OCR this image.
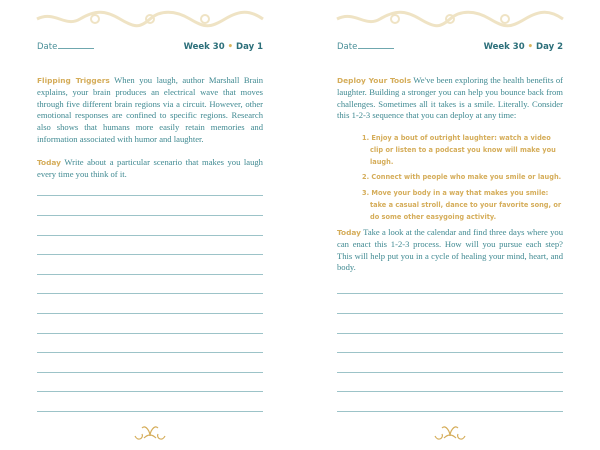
Date	Week 30 • Day 1

Flipping Triggers When you laugh, author Marshall Brain explains, your brain produces an electrical wave that moves through five different brain regions via a circuit. However, other emotional responses are confined to specific regions. Research also shows that humans more easily retain memories and information associated with humor and laughter.

Today Write about a particular scenario that makes you laugh every time you think of it.

Date	Week 30 • Day 2

Deploy Your Tools We've been exploring the health benefits of laughter. Building a stronger you can help you bounce back from challenges. Sometimes all it takes is a smile. Literally. Consider this 1-2-3 sequence that you can deploy at any time:

1. Enjoy a bout of outright laughter: watch a video clip or listen to a podcast you know will make you laugh.
2. Connect with people who make you smile or laugh.
3. Move your body in a way that makes you smile: take a casual stroll, dance to your favorite song, or do some other easygoing activity.

Today Take a look at the calendar and find three days where you can enact this 1-2-3 process. How will you pursue each step? This will help put you in a cycle of healing your mind, heart, and body.
